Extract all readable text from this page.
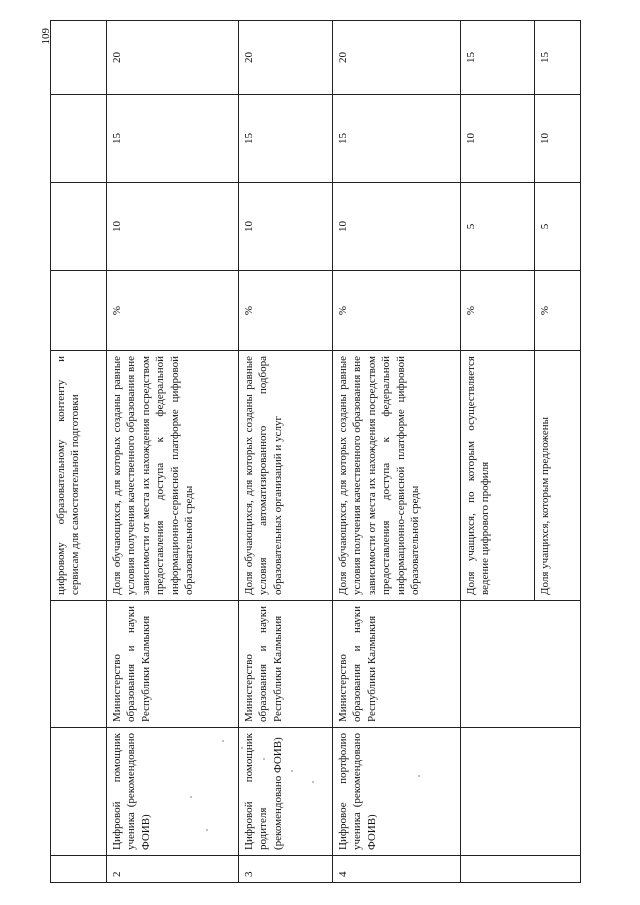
			цифровому образовательному контенту и сервисам для самостоятельной подготовки				
2	Цифровой помощник ученика (рекомендовано ФОИВ)	Министерство образования и науки Республики Калмыкия	Доля обучающихся, для которых созданы равные условия получения качественного образования вне зависимости от места их нахождения посредством предоставления доступа к федеральной информационно-сервисной платформе цифровой образовательной среды	%	10	15	20
3	Цифровой помощник родителя (рекомендовано ФОИВ)	Министерство образования и науки Республики Калмыкия	Доля обучающихся, для которых созданы равные условия автоматизированного подбора образовательных организаций и услуг	%	10	15	20
4	Цифровое портфолио ученика (рекомендовано ФОИВ)	Министерство образования и науки Республики Калмыкия	Доля обучающихся, для которых созданы равные условия получения качественного образования вне зависимости от места их нахождения посредством предоставления доступа к федеральной информационно-сервисной платформе цифровой образовательной среды	%	10	15	20
			Доля учащихся, по которым осуществляется ведение цифрового профиля	%	5	10	15
			Доля учащихся, которым предложены	%	5	10	15
109
